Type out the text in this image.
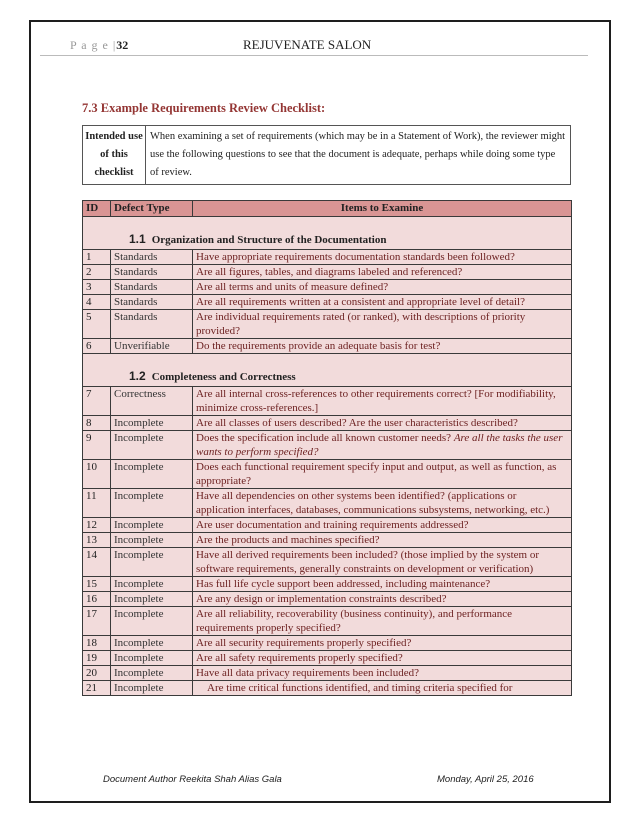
P a g e |32	REJUVENATE SALON
7.3 Example Requirements Review Checklist:
Intended use of this checklist	When examining a set of requirements (which may be in a Statement of Work), the reviewer might use the following questions to see that the document is adequate, perhaps while doing some type of review.
ID	Defect Type	Items to Examine
1.1 Organization and Structure of the Documentation		
1	Standards	Have appropriate requirements documentation standards been followed?
2	Standards	Are all figures, tables, and diagrams labeled and referenced?
3	Standards	Are all terms and units of measure defined?
4	Standards	Are all requirements written at a consistent and appropriate level of detail?
5	Standards	Are individual requirements rated (or ranked), with descriptions of priority provided?
6	Unverifiable	Do the requirements provide an adequate basis for test?
1.2 Completeness and Correctness		
7	Correctness	Are all internal cross-references to other requirements correct? [For modifiability, minimize cross-references.]
8	Incomplete	Are all classes of users described? Are the user characteristics described?
9	Incomplete	Does the specification include all known customer needs? Are all the tasks the user wants to perform specified?
10	Incomplete	Does each functional requirement specify input and output, as well as function, as appropriate?
11	Incomplete	Have all dependencies on other systems been identified? (applications or application interfaces, databases, communications subsystems, networking, etc.)
12	Incomplete	Are user documentation and training requirements addressed?
13	Incomplete	Are the products and machines specified?
14	Incomplete	Have all derived requirements been included? (those implied by the system or software requirements, generally constraints on development or verification)
15	Incomplete	Has full life cycle support been addressed, including maintenance?
16	Incomplete	Are any design or implementation constraints described?
17	Incomplete	Are all reliability, recoverability (business continuity), and performance requirements properly specified?
18	Incomplete	Are all security requirements properly specified?
19	Incomplete	Are all safety requirements properly specified?
20	Incomplete	Have all data privacy requirements been included?
21	Incomplete	Are time critical functions identified, and timing criteria specified for
Document Author Reekita Shah Alias Gala	Monday, April 25, 2016
